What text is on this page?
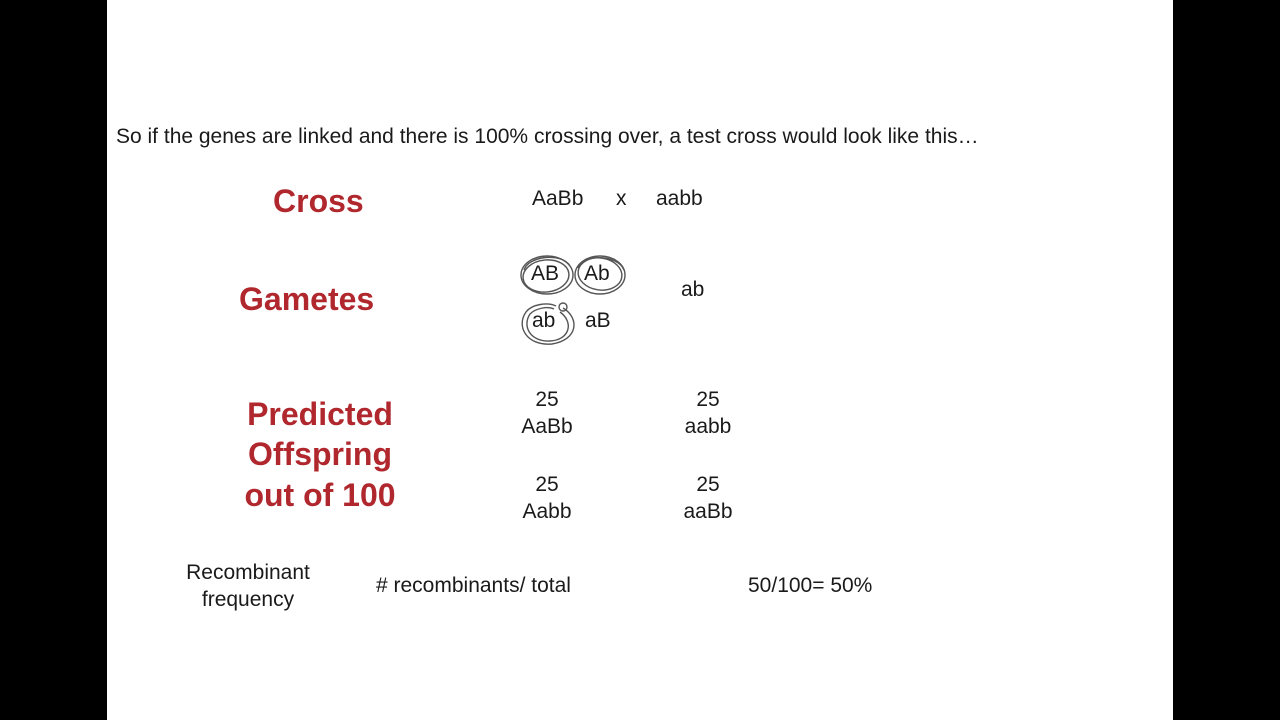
So if the genes are linked and there is 100% crossing over, a test cross would look like this…
Cross	AaBb x aabb
Gametes
AB Ab
ab aB
ab
Predicted
Offspring
out of 100
25
AaBb
25
aabb
25
Aabb
25
aaBb
Recombinant
frequency
# recombinants/ total	50/100= 50%
